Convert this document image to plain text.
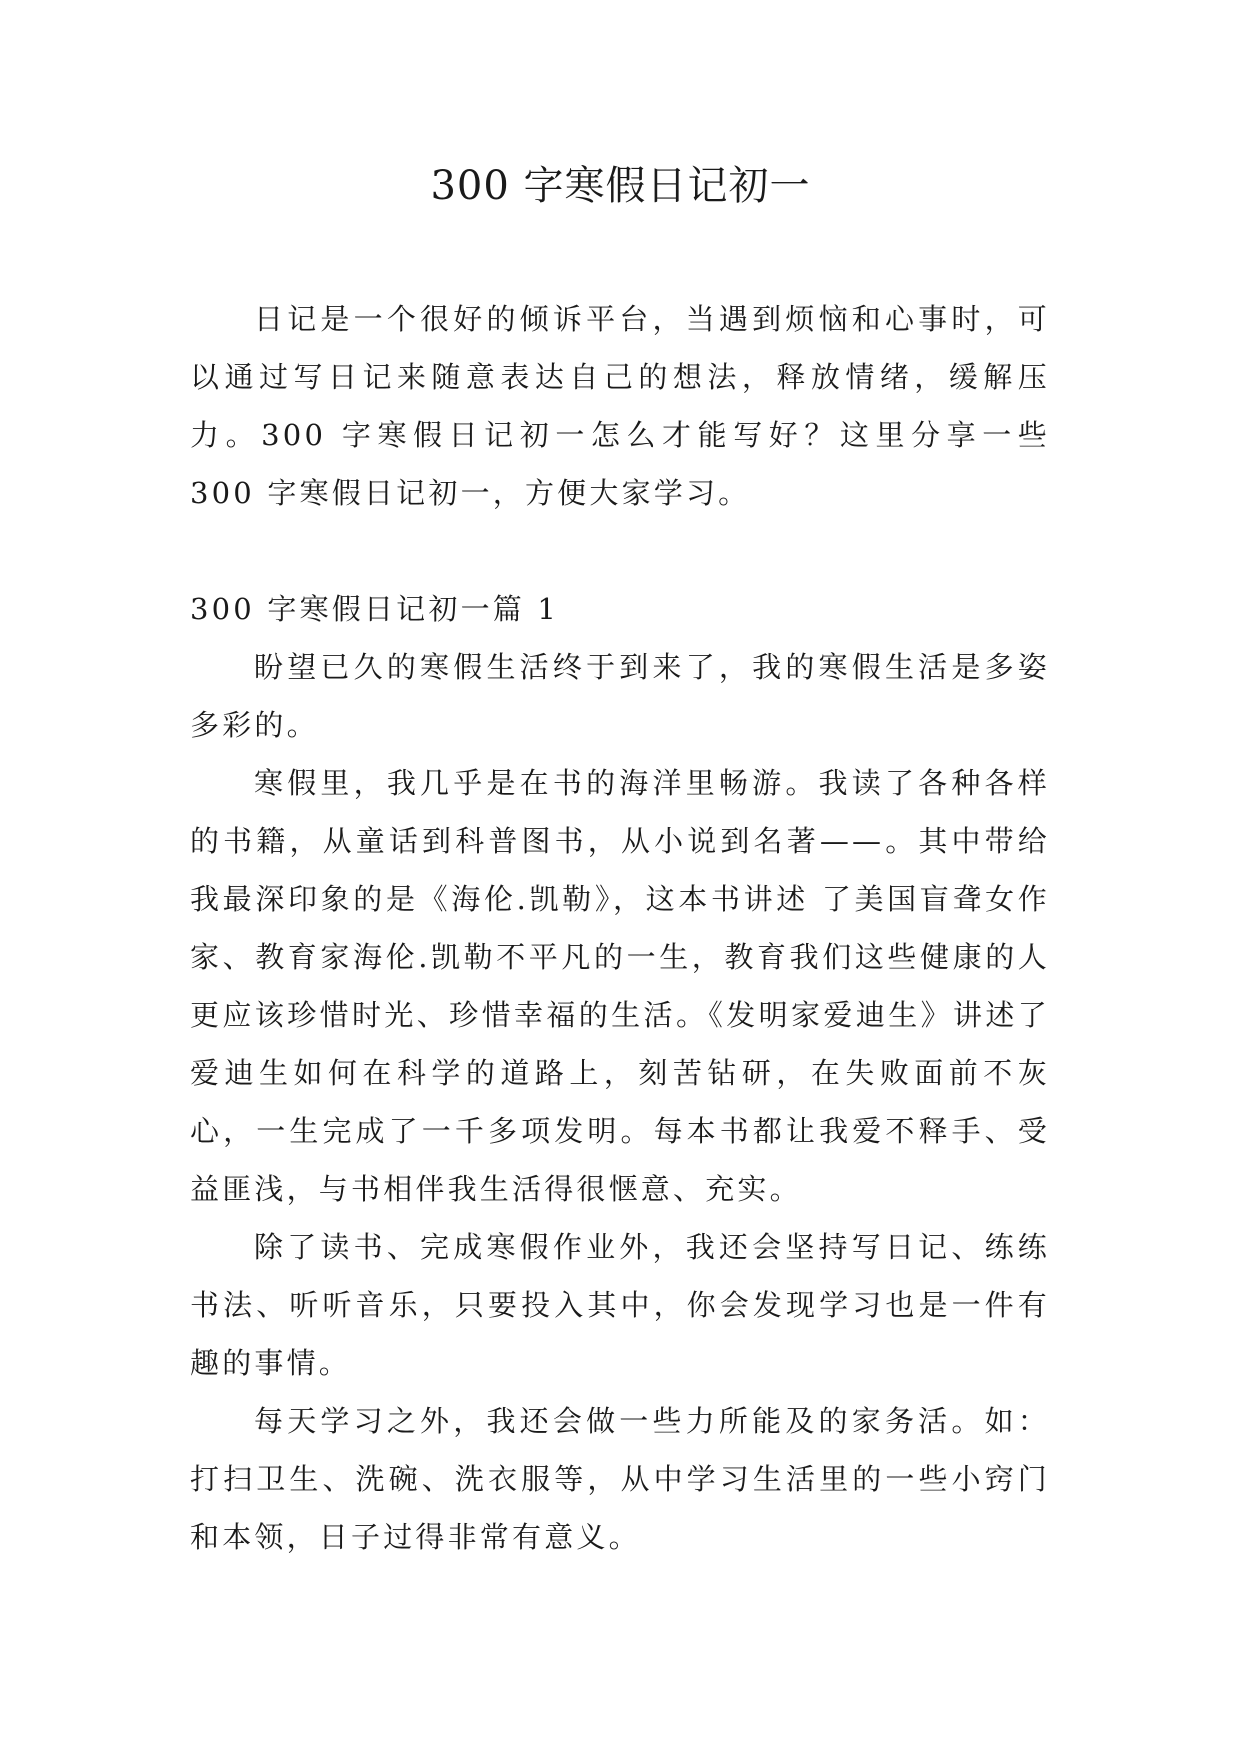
300 字寒假日记初一

日记是一个很好的倾诉平台，当遇到烦恼和心事时，可以通过写日记来随意表达自己的想法，释放情绪，缓解压力。300 字寒假日记初一怎么才能写好？这里分享一些 300 字寒假日记初一，方便大家学习。

300 字寒假日记初一篇 1

盼望已久的寒假生活终于到来了，我的寒假生活是多姿多彩的。

寒假里，我几乎是在书的海洋里畅游。我读了各种各样的书籍，从童话到科普图书，从小说到名著——。其中带给我最深印象的是《海伦.凯勒》，这本书讲述 了美国盲聋女作家、教育家海伦.凯勒不平凡的一生，教育我们这些健康的人更应该珍惜时光、珍惜幸福的生活。《发明家爱迪生》讲述了爱迪生如何在科学的道路上，刻苦钻研，在失败面前不灰心，一生完成了一千多项发明。每本书都让我爱不释手、受益匪浅，与书相伴我生活得很惬意、充实。

除了读书、完成寒假作业外，我还会坚持写日记、练练书法、听听音乐，只要投入其中，你会发现学习也是一件有趣的事情。

每天学习之外，我还会做一些力所能及的家务活。如：打扫卫生、洗碗、洗衣服等，从中学习生活里的一些小窍门和本领，日子过得非常有意义。
